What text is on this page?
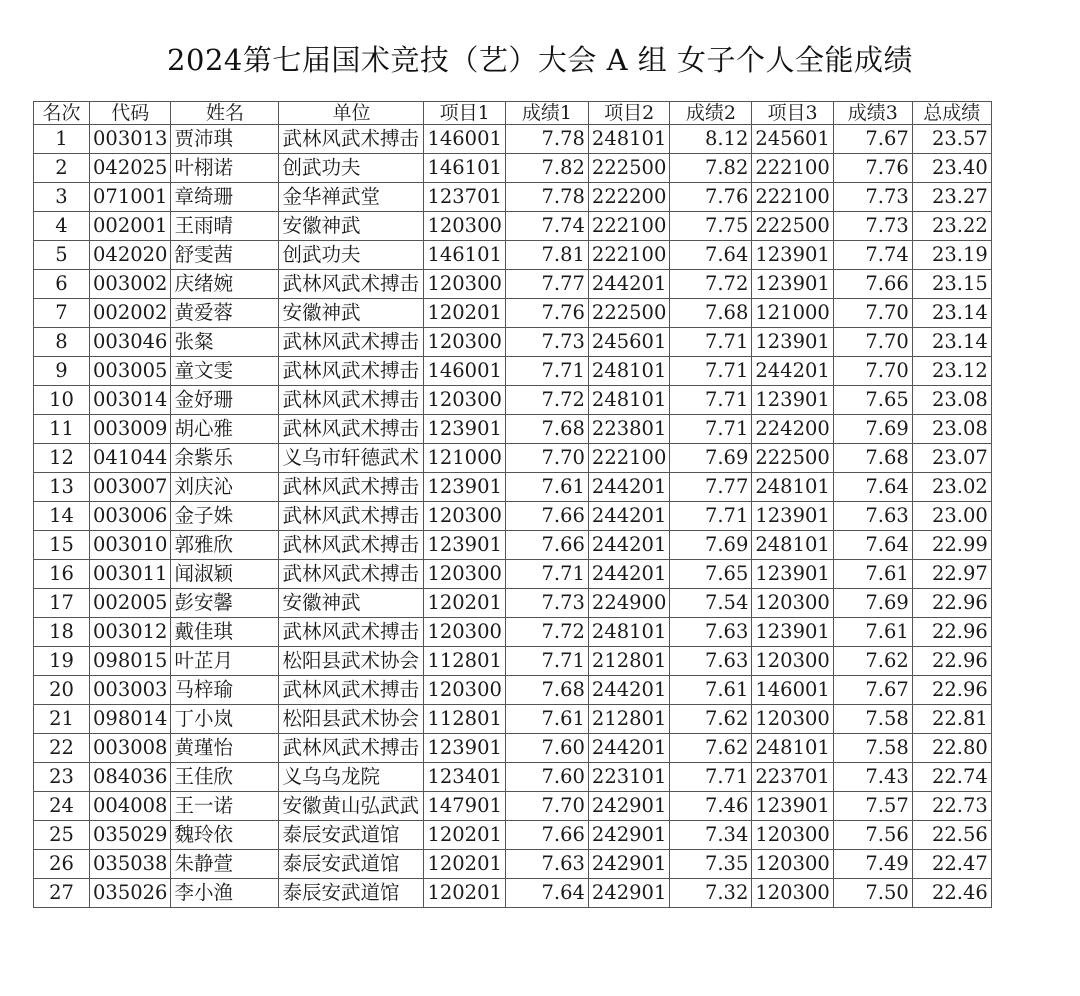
2024第七届国术竞技（艺）大会 A 组 女子个人全能成绩
名次	代码	姓名	单位	项目1	成绩1	项目2	成绩2	项目3	成绩3	总成绩
1	003013	贾沛琪	武林风武术搏击	146001	7.78	248101	8.12	245601	7.67	23.57
2	042025	叶栩诺	创武功夫	146101	7.82	222500	7.82	222100	7.76	23.40
3	071001	章绮珊	金华禅武堂	123701	7.78	222200	7.76	222100	7.73	23.27
4	002001	王雨晴	安徽神武	120300	7.74	222100	7.75	222500	7.73	23.22
5	042020	舒雯茜	创武功夫	146101	7.81	222100	7.64	123901	7.74	23.19
6	003002	庆绪婉	武林风武术搏击	120300	7.77	244201	7.72	123901	7.66	23.15
7	002002	黄爱蓉	安徽神武	120201	7.76	222500	7.68	121000	7.70	23.14
8	003046	张粲	武林风武术搏击	120300	7.73	245601	7.71	123901	7.70	23.14
9	003005	童文雯	武林风武术搏击	146001	7.71	248101	7.71	244201	7.70	23.12
10	003014	金妤珊	武林风武术搏击	120300	7.72	248101	7.71	123901	7.65	23.08
11	003009	胡心雅	武林风武术搏击	123901	7.68	223801	7.71	224200	7.69	23.08
12	041044	余紫乐	义乌市轩德武术	121000	7.70	222100	7.69	222500	7.68	23.07
13	003007	刘庆沁	武林风武术搏击	123901	7.61	244201	7.77	248101	7.64	23.02
14	003006	金子姝	武林风武术搏击	120300	7.66	244201	7.71	123901	7.63	23.00
15	003010	郭雅欣	武林风武术搏击	123901	7.66	244201	7.69	248101	7.64	22.99
16	003011	闻淑颖	武林风武术搏击	120300	7.71	244201	7.65	123901	7.61	22.97
17	002005	彭安馨	安徽神武	120201	7.73	224900	7.54	120300	7.69	22.96
18	003012	戴佳琪	武林风武术搏击	120300	7.72	248101	7.63	123901	7.61	22.96
19	098015	叶芷月	松阳县武术协会	112801	7.71	212801	7.63	120300	7.62	22.96
20	003003	马梓瑜	武林风武术搏击	120300	7.68	244201	7.61	146001	7.67	22.96
21	098014	丁小岚	松阳县武术协会	112801	7.61	212801	7.62	120300	7.58	22.81
22	003008	黄瑾怡	武林风武术搏击	123901	7.60	244201	7.62	248101	7.58	22.80
23	084036	王佳欣	义乌乌龙院	123401	7.60	223101	7.71	223701	7.43	22.74
24	004008	王一诺	安徽黄山弘武武	147901	7.70	242901	7.46	123901	7.57	22.73
25	035029	魏玲依	泰辰安武道馆	120201	7.66	242901	7.34	120300	7.56	22.56
26	035038	朱静萱	泰辰安武道馆	120201	7.63	242901	7.35	120300	7.49	22.47
27	035026	李小渔	泰辰安武道馆	120201	7.64	242901	7.32	120300	7.50	22.46
